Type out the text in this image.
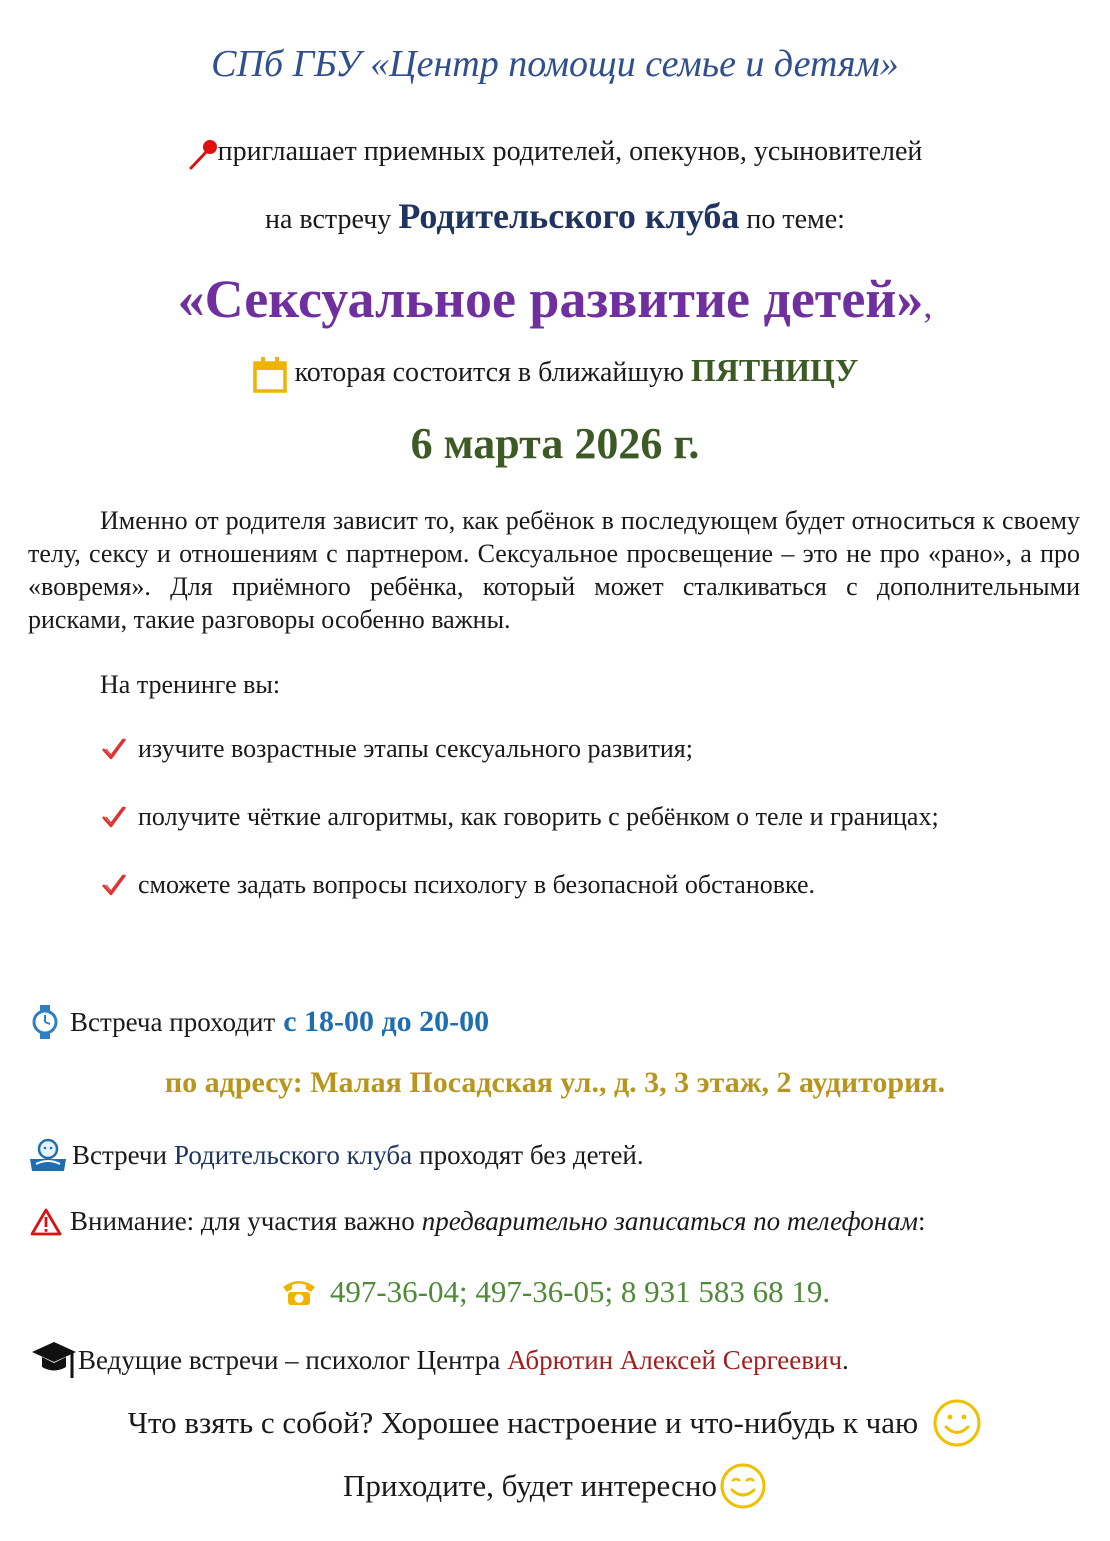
СПб ГБУ «Центр помощи семье и детям»
приглашает приемных родителей, опекунов, усыновителей
на встречу Родительского клуба по теме:
«Сексуальное развитие детей»,
которая состоится в ближайшую ПЯТНИЦУ
6 марта 2026 г.
Именно от родителя зависит то, как ребёнок в последующем будет относиться к своему телу, сексу и отношениям с партнером. Сексуальное просвещение – это не про «рано», а про «вовремя». Для приёмного ребёнка, который может сталкиваться с дополнительными рисками, такие разговоры особенно важны.
На тренинге вы:
изучите возрастные этапы сексуального развития;
получите чёткие алгоритмы, как говорить с ребёнком о теле и границах;
сможете задать вопросы психологу в безопасной обстановке.
Встреча проходит с 18-00 до 20-00
по адресу: Малая Посадская ул., д. 3, 3 этаж, 2 аудитория.
Встречи Родительского клуба проходят без детей.
Внимание: для участия важно предварительно записаться по телефонам :
497-36-04; 497-36-05; 8 931 583 68 19.
Ведущие встречи – психолог Центра Абрютин Алексей Сергеевич .
Что взять с собой? Хорошее настроение и что-нибудь к чаю
Приходите, будет интересно
